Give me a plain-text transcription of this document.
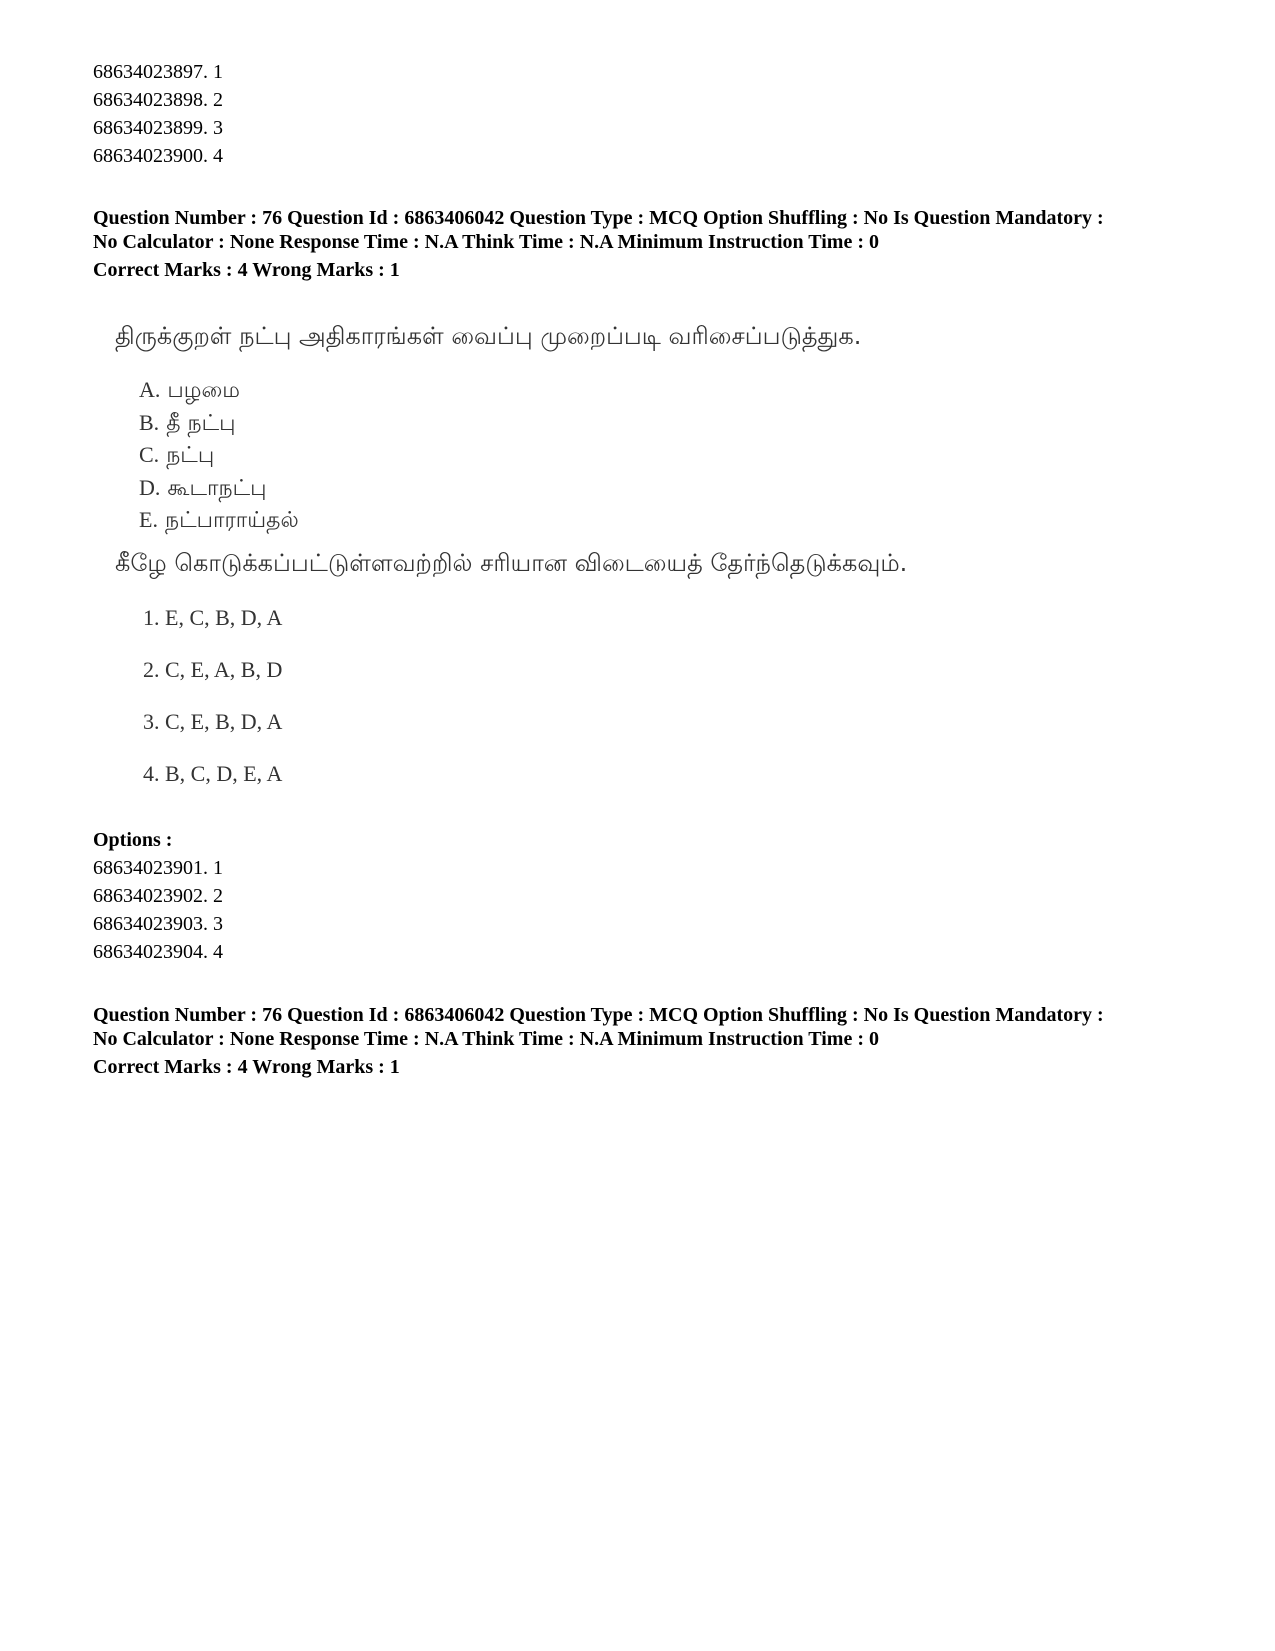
68634023897. 1
68634023898. 2
68634023899. 3
68634023900. 4
Question Number : 76 Question Id : 6863406042 Question Type : MCQ Option Shuffling : No Is Question Mandatory :
No Calculator : None Response Time : N.A Think Time : N.A Minimum Instruction Time : 0
Correct Marks : 4 Wrong Marks : 1
திருக்குறள் நட்பு அதிகாரங்கள் வைப்பு முறைப்படி வரிசைப்படுத்துக.
A. பழமை
B. தீ நட்பு
C. நட்பு
D. கூடாநட்பு
E. நட்பாராய்தல்
கீழே கொடுக்கப்பட்டுள்ளவற்றில் சரியான விடையைத் தேர்ந்தெடுக்கவும்.
1. E, C, B, D, A
2. C, E, A, B, D
3. C, E, B, D, A
4. B, C, D, E, A
Options :
68634023901. 1
68634023902. 2
68634023903. 3
68634023904. 4
Question Number : 76 Question Id : 6863406042 Question Type : MCQ Option Shuffling : No Is Question Mandatory :
No Calculator : None Response Time : N.A Think Time : N.A Minimum Instruction Time : 0
Correct Marks : 4 Wrong Marks : 1
